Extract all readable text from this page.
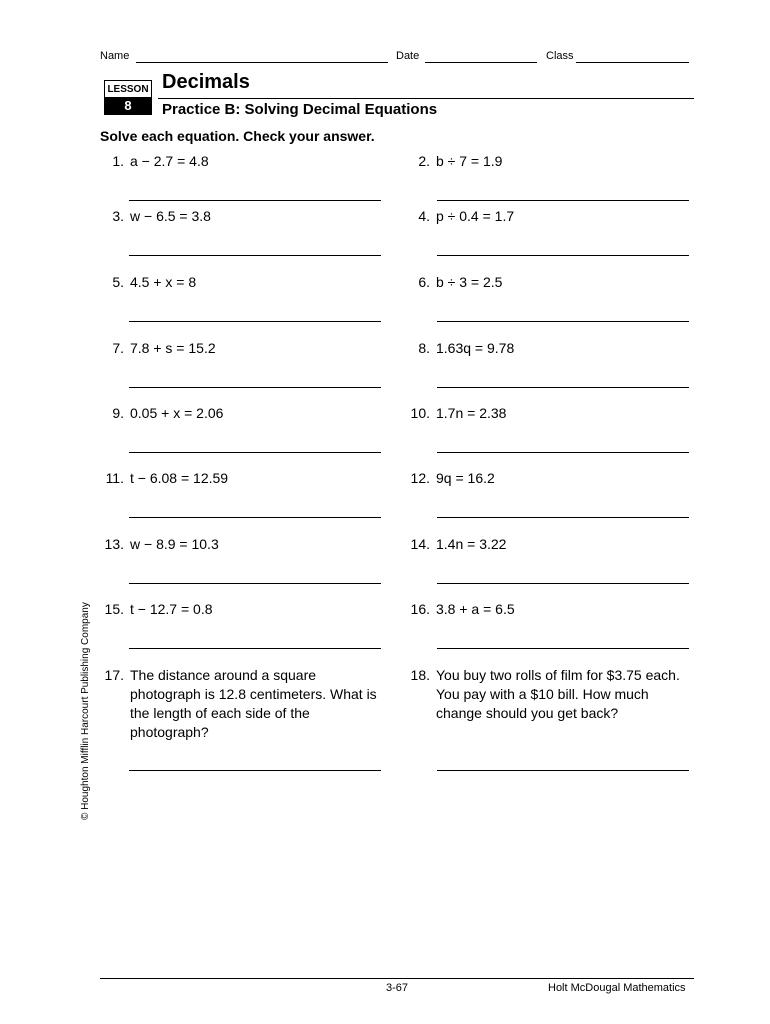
Name	Date	Class
LESSON
8
Decimals
Practice B: Solving Decimal Equations
Solve each equation. Check your answer.
1. a − 2.7 = 4.8	2. b ÷ 7 = 1.9
3. w − 6.5 = 3.8	4. p ÷ 0.4 = 1.7
5. 4.5 + x = 8	6. b ÷ 3 = 2.5
7. 7.8 + s = 15.2	8. 1.63q = 9.78
9. 0.05 + x = 2.06	10. 1.7n = 2.38
11. t − 6.08 = 12.59	12. 9q = 16.2
13. w − 8.9 = 10.3	14. 1.4n = 3.22
15. t − 12.7 = 0.8	16. 3.8 + a = 6.5
17. The distance around a square photograph is 12.8 centimeters. What is the length of each side of the photograph?
18. You buy two rolls of film for $3.75 each. You pay with a $10 bill. How much change should you get back?
© Houghton Mifflin Harcourt Publishing Company
3-67	Holt McDougal Mathematics
